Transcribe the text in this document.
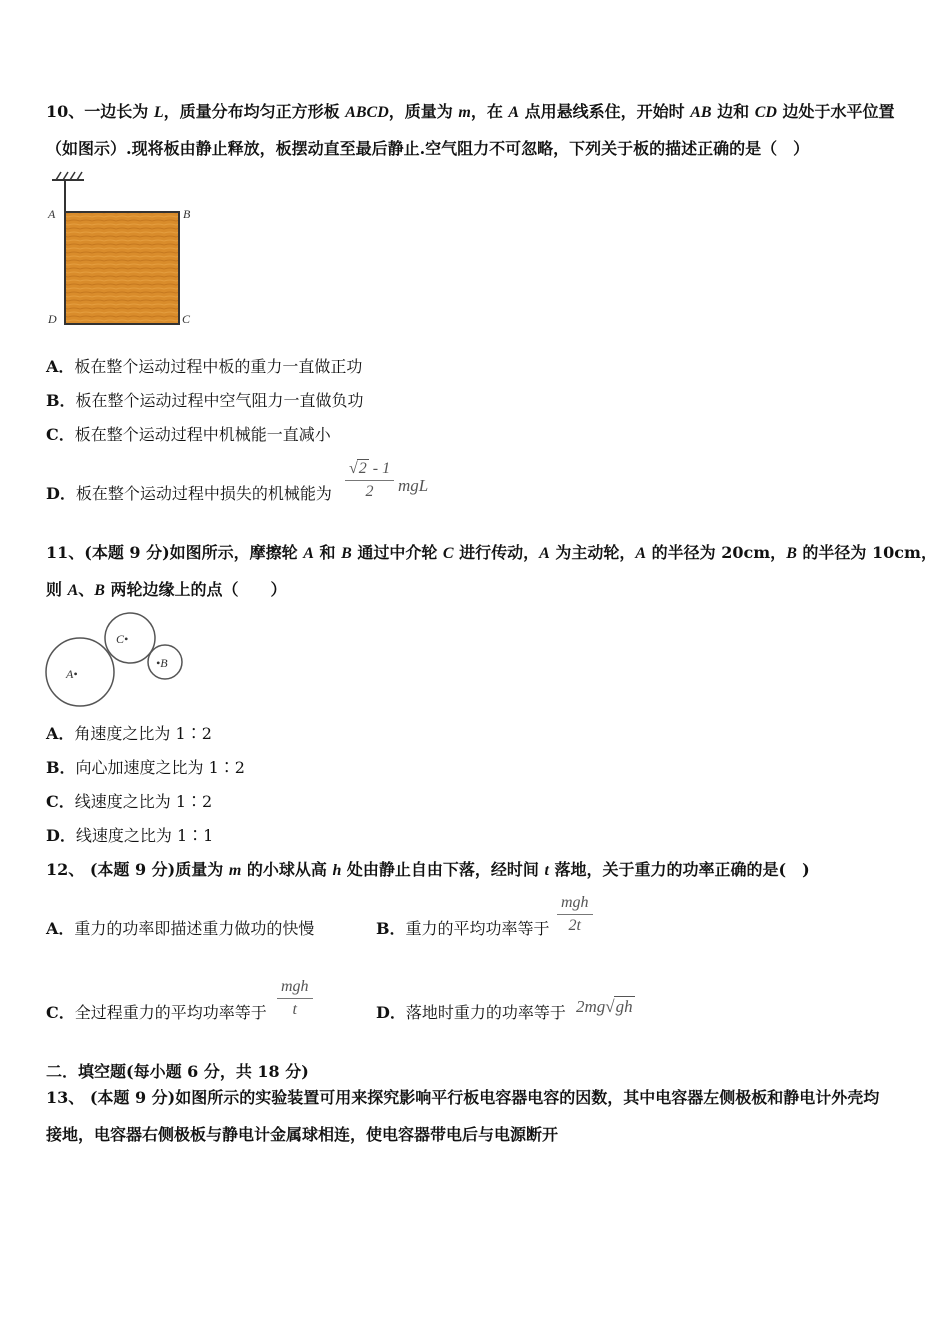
10、一边长为 L，质量分布均匀正方形板 ABCD，质量为 m，在 A 点用悬线系住，开始时 AB 边和 CD 边处于水平位置
（如图示）.现将板由静止释放，板摆动直至最后静止.空气阻力不可忽略，下列关于板的描述正确的是（　）
A	B
C
D
A．板在整个运动过程中板的重力一直做正功
B．板在整个运动过程中空气阻力一直做负功
C．板在整个运动过程中机械能一直减小
D．板在整个运动过程中损失的机械能为 $\frac{√2 - 1}{2}$ mgL
11、(本题 9 分)如图所示，摩擦轮 A 和 B 通过中介轮 C 进行传动，A 为主动轮，A 的半径为 20cm，B 的半径为 10cm，
则 A、B 两轮边缘上的点（　　）
A•
•B
C•
A．角速度之比为 1∶2
B．向心加速度之比为 1∶2
C．线速度之比为 1∶2
D．线速度之比为 1∶1
12、 (本题 9 分)质量为 m 的小球从高 h 处由静止自由下落，经时间 t 落地，关于重力的功率正确的是(　)
A．重力的功率即描述重力做功的快慢	B．重力的平均功率等于
mgh
2t
C．全过程重力的平均功率等于
mgh
t	D．落地时重力的功率等于 2mg√gh
二．填空题(每小题 6 分，共 18 分)
13、 (本题 9 分)如图所示的实验装置可用来探究影响平行板电容器电容的因数，其中电容器左侧极板和静电计外壳均
接地，电容器右侧极板与静电计金属球相连，使电容器带电后与电源断开
